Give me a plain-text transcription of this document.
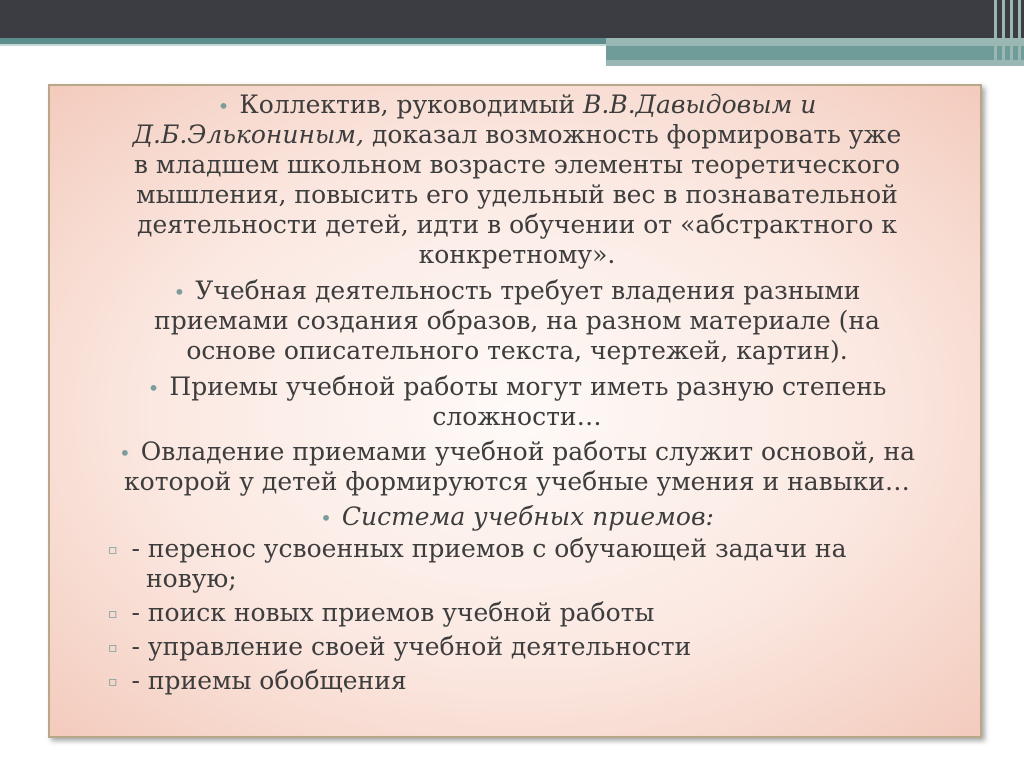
• Коллектив, руководимый В.В.Давыдовым и
Д.Б.Элькониным, доказал возможность формировать уже
в младшем школьном возрасте элементы теоретического
мышления, повысить его удельный вес в познавательной
деятельности детей, идти в обучении от «абстрактного к
конкретному».
• Учебная деятельность требует владения разными
приемами создания образов, на разном материале (на
основе описательного текста, чертежей, картин).
• Приемы учебной работы могут иметь разную степень
сложности…
• Овладение приемами учебной работы служит основой, на
которой у детей формируются учебные умения и навыки…
• Система учебных приемов:
▫ - перенос усвоенных приемов с обучающей задачи на
новую;
▫ - поиск новых приемов учебной работы
▫ - управление своей учебной деятельности
▫ - приемы обобщения
